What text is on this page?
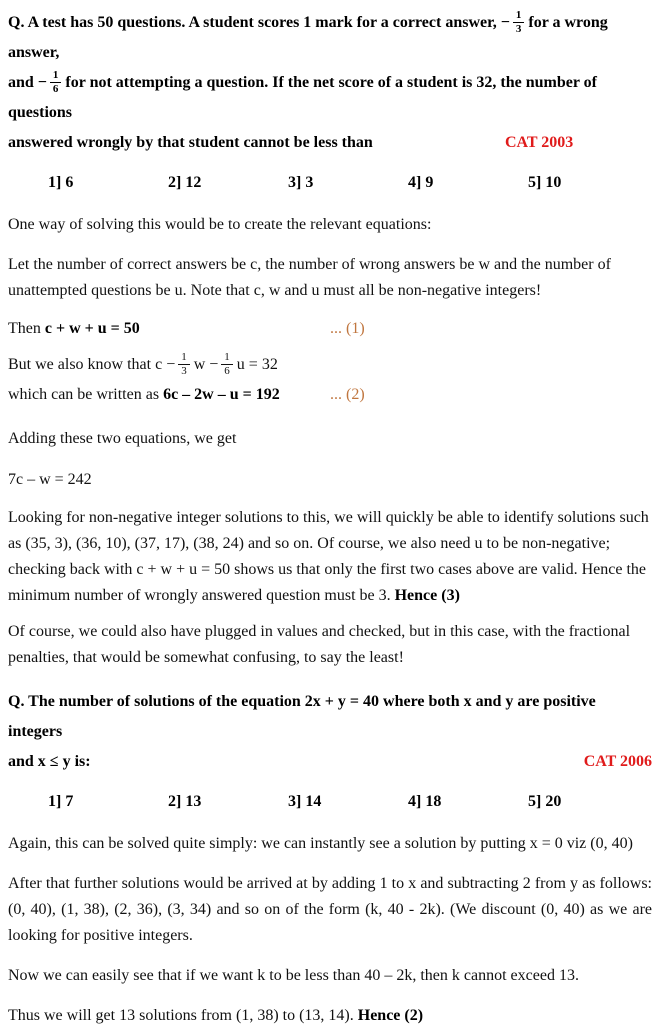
Q. A test has 50 questions. A student scores 1 mark for a correct answer, − $\frac{1}{3}$ for a wrong answer,
and − $\frac{1}{6}$ for not attempting a question. If the net score of a student is 32, the number of questions
answered wrongly by that student cannot be less than	CAT 2003
1] 6	2] 12	3] 3	4] 9	5] 10
One way of solving this would be to create the relevant equations:
Let the number of correct answers be c, the number of wrong answers be w and the number of unattempted questions be u. Note that c, w and u must all be non-negative integers!
Then c + w + u = 50	... (1)
But we also know that $c - \frac{1}{3}$ $w - \frac{1}{6}$ u = 32
which can be written as 6c – 2w – u = 192	... (2)
Adding these two equations, we get
7c – w = 242
Looking for non-negative integer solutions to this, we will quickly be able to identify solutions such as (35, 3), (36, 10), (37, 17), (38, 24) and so on. Of course, we also need u to be non-negative; checking back with c + w + u = 50 shows us that only the first two cases above are valid. Hence the minimum number of wrongly answered question must be 3. Hence (3)
Of course, we could also have plugged in values and checked, but in this case, with the fractional penalties, that would be somewhat confusing, to say the least!
Q. The number of solutions of the equation 2x + y = 40 where both x and y are positive integers
and x ≤ y is:	CAT 2006
1] 7	2] 13	3] 14	4] 18	5] 20
Again, this can be solved quite simply: we can instantly see a solution by putting x = 0 viz (0, 40)
After that further solutions would be arrived at by adding 1 to x and subtracting 2 from y as follows: (0, 40), (1, 38), (2, 36), (3, 34) and so on of the form (k, 40 - 2k). (We discount (0, 40) as we are looking for positive integers.
Now we can easily see that if we want k to be less than 40 – 2k, then k cannot exceed 13.
Thus we will get 13 solutions from (1, 38) to (13, 14). Hence (2)
